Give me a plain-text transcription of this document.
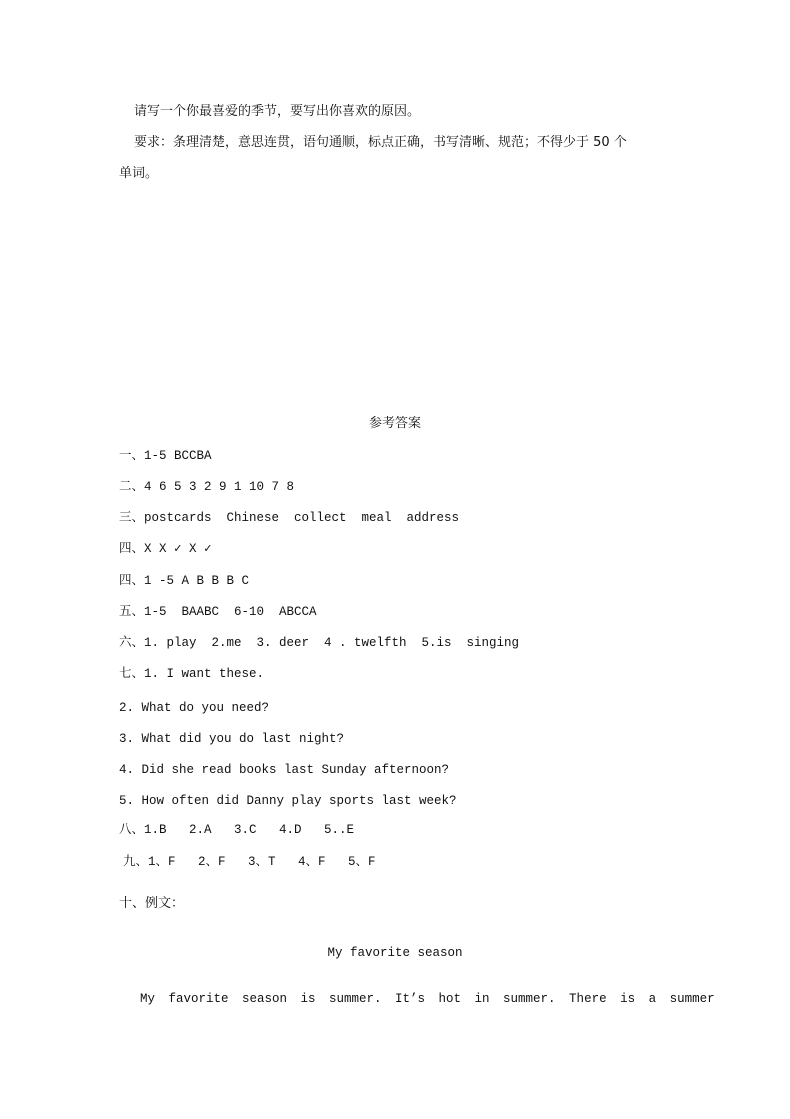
请写一个你最喜爱的季节，要写出你喜欢的原因。
要求：条理清楚，意思连贯，语句通顺，标点正确，书写清晰、规范；不得少于 50 个
单词。
参考答案
一、1-5 BCCBA
二、4 6 5 3 2 9 1 10 7 8
三、postcards  Chinese  collect  meal  address
四、X X ✓ X ✓
四、1 -5 A B B B C
五、1-5  BAABC  6-10  ABCCA
六、1. play  2.me  3. deer  4 . twelfth  5.is  singing
七、1. I want these.
2. What do you need?
3. What did you do last night?
4. Did she read books last Sunday afternoon?
5. How often did Danny play sports last week?
八、1.B   2.A   3.C   4.D   5..E
九、1、F   2、F   3、T   4、F   5、F
十、例文：
My favorite season
My favorite season is summer. It’s hot in summer. There is a summer
